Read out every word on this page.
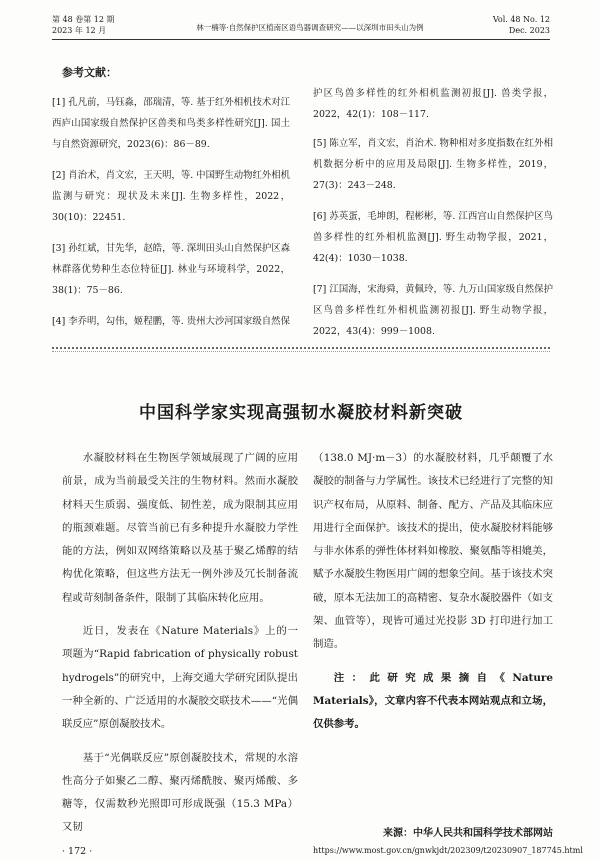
第 48 卷第 12 期
2023 年 12 月	林一楠等·自然保护区植南区语鸟器调查研究——以深圳市田头山为例
Vol. 48 No. 12
Dec. 2023
参考文献：

[1] 孔凡前，马钰淼，邵瑞清，等. 基于红外相机技术对江西庐山国家级自然保护区兽类和鸟类多样性研究[J]. 国土与自然资源研究，2023(6)：86－89.

[2] 肖治术，肖文宏，王天明，等. 中国野生动物红外相机监测与研究：现状及未来[J]. 生物多样性，2022，30(10)：22451.

[3] 孙红斌，甘先华，赵皓，等. 深圳田头山自然保护区森林群落优势种生态位特征[J]. 林业与环境科学，2022，38(1)：75－86.

[4] 李乔明，勾伟，姬程鹏，等. 贵州大沙河国家级自然保

护区鸟兽多样性的红外相机监测初报[J]. 兽类学报，2022，42(1)：108－117.

[5] 陈立军，肖文宏，肖治术. 物种相对多度指数在红外相机数据分析中的应用及局限[J]. 生物多样性，2019，27(3)：243－248.

[6] 苏英蛋，毛坤朗，程彬彬，等. 江西宫山自然保护区鸟兽多样性的红外相机监测[J]. 野生动物学报，2021，42(4)：1030－1038.

[7] 江国海，宋海舜，黄佩玲，等. 九万山国家级自然保护区鸟兽多样性红外相机监测初报[J]. 野生动物学报，2022，43(4)：999－1008.

中国科学家实现高强韧水凝胶材料新突破

水凝胶材料在生物医学领域展现了广阔的应用前景，成为当前最受关注的生物材料。然而水凝胶材料天生质弱、强度低、韧性差，成为限制其应用的瓶颈难题。尽管当前已有多种提升水凝胶力学性能的方法，例如双网络策略以及基于聚乙烯醇的结构优化策略，但这些方法无一例外涉及冗长制备流程或苛刻制备条件，限制了其临床转化应用。

近日，发表在《Nature Materials》上的一项题为“Rapid fabrication of physically robust hydrogels”的研究中，上海交通大学研究团队提出一种全新的、广泛适用的水凝胶交联技术——“光偶联反应”原创凝胶技术。

基于“光偶联反应”原创凝胶技术，常规的水溶性高分子如聚乙二醇、聚丙烯酰胺、聚丙烯酸、多糖等，仅需数秒光照即可形成既强（15.3 MPa）又韧

（138.0 MJ·m－3）的水凝胶材料，几乎颠覆了水凝胶的制备与力学属性。该技术已经进行了完整的知识产权布局，从原料、制备、配方、产品及其临床应用进行全面保护。该技术的提出，使水凝胶材料能够与非水体系的弹性体材料如橡胶、聚氨酯等相媲美，赋予水凝胶生物医用广阔的想象空间。基于该技术突破，原本无法加工的高精密、复杂水凝胶器件（如支架、血管等），现皆可通过光投影 3D 打印进行加工制造。

注：此研究成果摘自《Nature Materials》，文章内容不代表本网站观点和立场，仅供参考。

来源：中华人民共和国科学技术部网站
https://www.most.gov.cn/gnwkjdt/202309/t20230907_187745.html
· 172 ·
